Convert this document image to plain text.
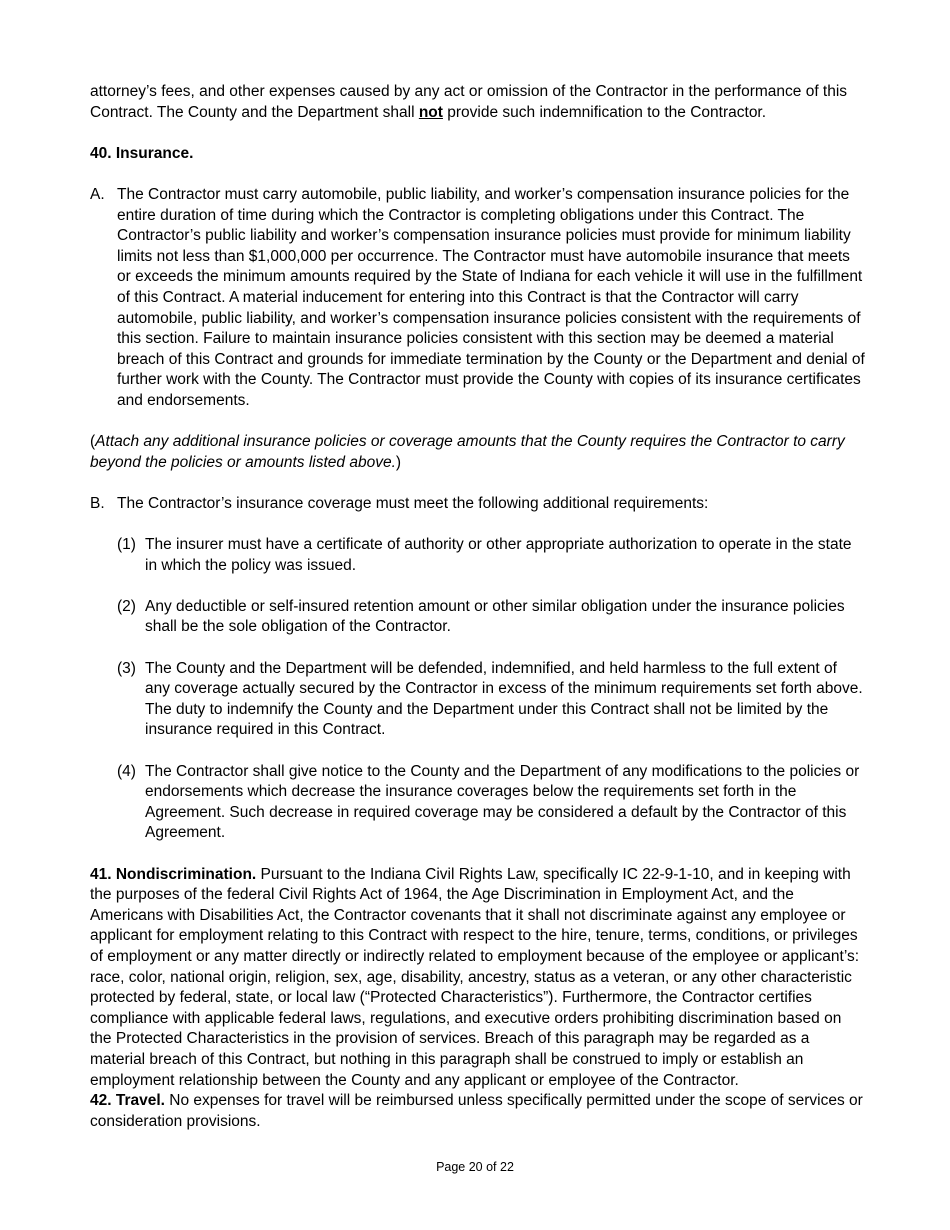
attorney’s fees, and other expenses caused by any act or omission of the Contractor in the performance of this Contract. The County and the Department shall not provide such indemnification to the Contractor.

40. Insurance.

A. The Contractor must carry automobile, public liability, and worker’s compensation insurance policies for the entire duration of time during which the Contractor is completing obligations under this Contract. The Contractor’s public liability and worker’s compensation insurance policies must provide for minimum liability limits not less than $1,000,000 per occurrence. The Contractor must have automobile insurance that meets or exceeds the minimum amounts required by the State of Indiana for each vehicle it will use in the fulfillment of this Contract. A material inducement for entering into this Contract is that the Contractor will carry automobile, public liability, and worker’s compensation insurance policies consistent with the requirements of this section. Failure to maintain insurance policies consistent with this section may be deemed a material breach of this Contract and grounds for immediate termination by the County or the Department and denial of further work with the County. The Contractor must provide the County with copies of its insurance certificates and endorsements.

(Attach any additional insurance policies or coverage amounts that the County requires the Contractor to carry beyond the policies or amounts listed above.)

B. The Contractor’s insurance coverage must meet the following additional requirements:
(1) The insurer must have a certificate of authority or other appropriate authorization to operate in the state in which the policy was issued.
(2) Any deductible or self-insured retention amount or other similar obligation under the insurance policies shall be the sole obligation of the Contractor.
(3) The County and the Department will be defended, indemnified, and held harmless to the full extent of any coverage actually secured by the Contractor in excess of the minimum requirements set forth above. The duty to indemnify the County and the Department under this Contract shall not be limited by the insurance required in this Contract.
(4) The Contractor shall give notice to the County and the Department of any modifications to the policies or endorsements which decrease the insurance coverages below the requirements set forth in the Agreement. Such decrease in required coverage may be considered a default by the Contractor of this Agreement.

41. Nondiscrimination. Pursuant to the Indiana Civil Rights Law, specifically IC 22-9-1-10, and in keeping with the purposes of the federal Civil Rights Act of 1964, the Age Discrimination in Employment Act, and the Americans with Disabilities Act, the Contractor covenants that it shall not discriminate against any employee or applicant for employment relating to this Contract with respect to the hire, tenure, terms, conditions, or privileges of employment or any matter directly or indirectly related to employment because of the employee or applicant’s: race, color, national origin, religion, sex, age, disability, ancestry, status as a veteran, or any other characteristic protected by federal, state, or local law (“Protected Characteristics”). Furthermore, the Contractor certifies compliance with applicable federal laws, regulations, and executive orders prohibiting discrimination based on the Protected Characteristics in the provision of services. Breach of this paragraph may be regarded as a material breach of this Contract, but nothing in this paragraph shall be construed to imply or establish an employment relationship between the County and any applicant or employee of the Contractor.

42. Travel. No expenses for travel will be reimbursed unless specifically permitted under the scope of services or consideration provisions.

Page 20 of 22
